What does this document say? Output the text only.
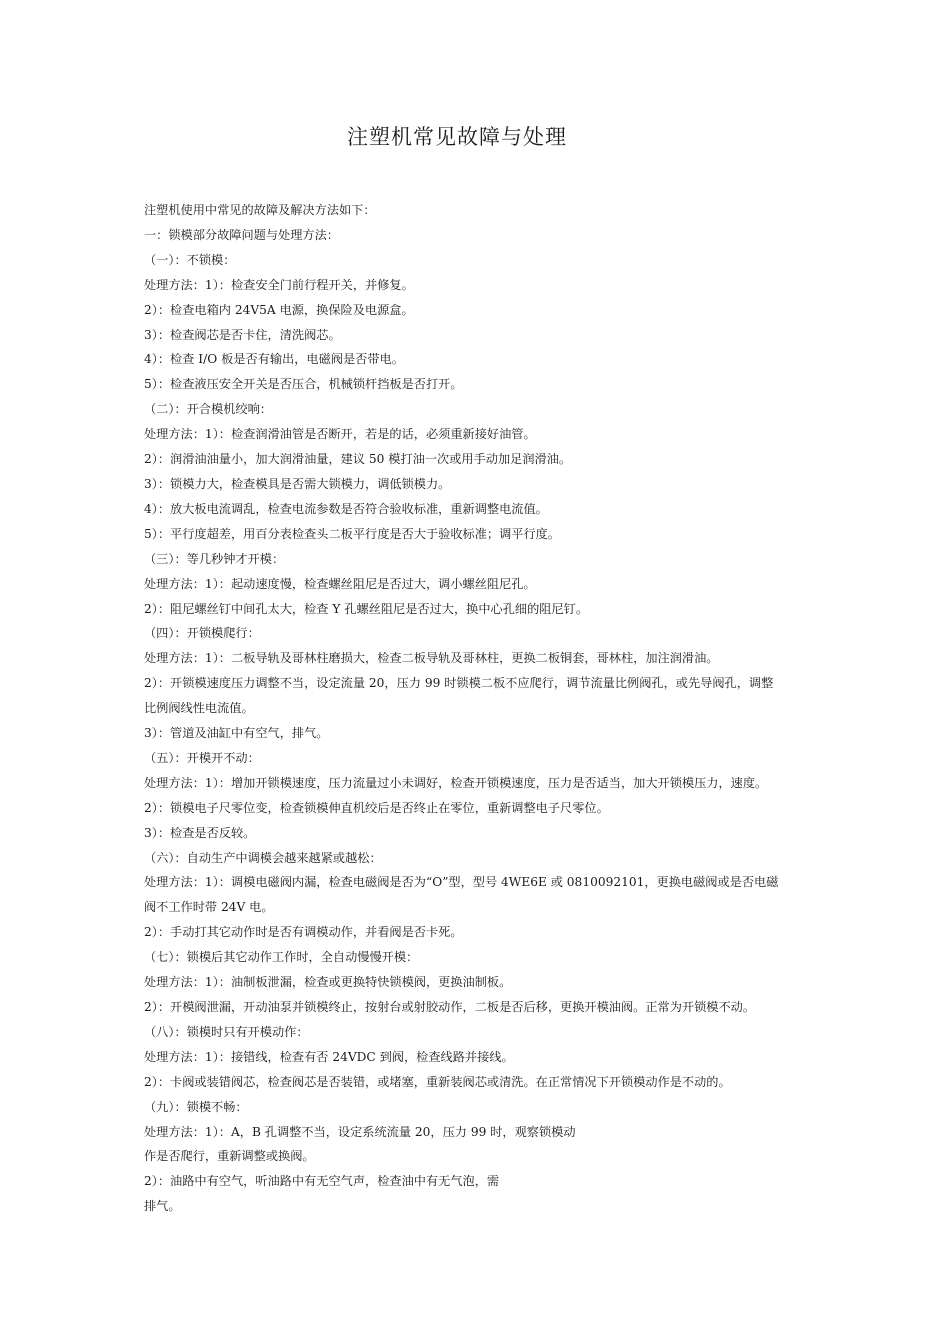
注塑机常见故障与处理

注塑机使用中常见的故障及解决方法如下：

一：锁模部分故障问题与处理方法：

（一）：不锁模：

处理方法：1）：检查安全门前行程开关，并修复。

2）：检查电箱内 24V5A 电源，换保险及电源盒。

3）：检查阀芯是否卡住，清洗阀芯。

4）：检查 I/O 板是否有输出，电磁阀是否带电。

5）：检查液压安全开关是否压合，机械锁杆挡板是否打开。

（二）：开合模机绞响：

处理方法：1）：检查润滑油管是否断开，若是的话，必须重新接好油管。

2）：润滑油油量小，加大润滑油量，建议 50 模打油一次或用手动加足润滑油。

3）：锁模力大，检查模具是否需大锁模力，调低锁模力。

4）：放大板电流调乱，检查电流参数是否符合验收标准，重新调整电流值。

5）：平行度超差，用百分表检查头二板平行度是否大于验收标准；调平行度。

（三）：等几秒钟才开模：

处理方法：1）：起动速度慢，检查螺丝阻尼是否过大，调小螺丝阻尼孔。

2）：阻尼螺丝钉中间孔太大，检查 Y 孔螺丝阻尼是否过大，换中心孔细的阻尼钉。

（四）：开锁模爬行：

处理方法：1）：二板导轨及哥林柱磨损大，检查二板导轨及哥林柱，更换二板铜套，哥林柱，加注润滑油。

2）：开锁模速度压力调整不当，设定流量 20，压力 99 时锁模二板不应爬行，调节流量比例阀孔，或先导阀孔，调整

比例阀线性电流值。

3）：管道及油缸中有空气，排气。

（五）：开模开不动：

处理方法：1）：增加开锁模速度，压力流量过小未调好，检查开锁模速度，压力是否适当，加大开锁模压力，速度。

2）：锁模电子尺零位变，检查锁模伸直机绞后是否终止在零位，重新调整电子尺零位。

3）：检查是否反较。

（六）：自动生产中调模会越来越紧或越松：

处理方法：1）：调模电磁阀内漏，检查电磁阀是否为“O”型，型号 4WE6E 或 0810092101，更换电磁阀或是否电磁

阀不工作时带 24V 电。

2）：手动打其它动作时是否有调模动作，并看阀是否卡死。

（七）：锁模后其它动作工作时，全自动慢慢开模：

处理方法：1）：油制板泄漏，检查或更换特快锁模阀，更换油制板。

2）：开模阀泄漏，开动油泵并锁模终止，按射台或射胶动作，二板是否后移，更换开模油阀。正常为开锁模不动。

（八）：锁模时只有开模动作：

处理方法：1）：接错线，检查有否 24VDC 到阀，检查线路并接线。

2）：卡阀或装错阀芯，检查阀芯是否装错，或堵塞，重新装阀芯或清洗。在正常情况下开锁模动作是不动的。

（九）：锁模不畅：

处理方法：1）：A，B 孔调整不当，设定系统流量 20，压力 99 时，观察锁模动

作是否爬行，重新调整或换阀。

2）：油路中有空气，听油路中有无空气声，检查油中有无气泡，需

排气。
